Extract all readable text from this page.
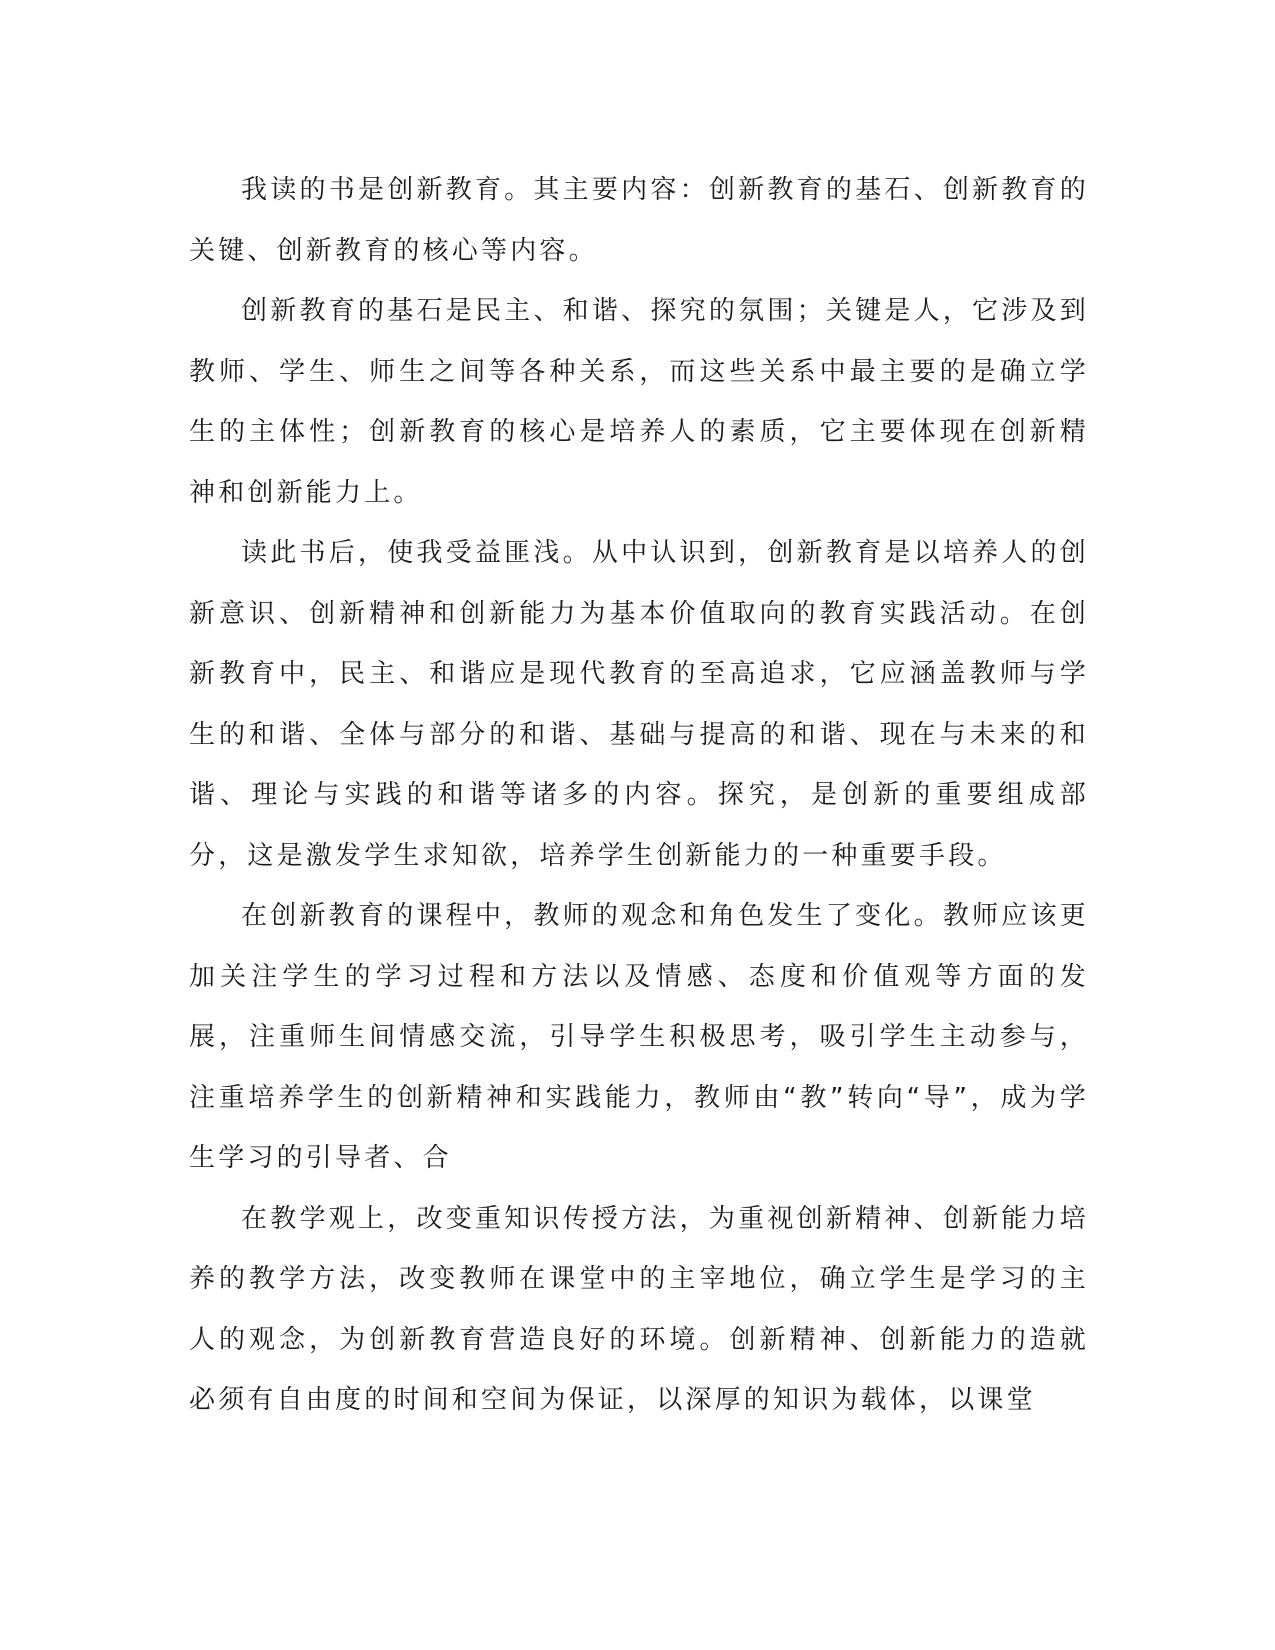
我读的书是创新教育。其主要内容：创新教育的基石、创新教育的关键、创新教育的核心等内容。

创新教育的基石是民主、和谐、探究的氛围；关键是人，它涉及到教师、学生、师生之间等各种关系，而这些关系中最主要的是确立学生的主体性；创新教育的核心是培养人的素质，它主要体现在创新精神和创新能力上。

读此书后，使我受益匪浅。从中认识到，创新教育是以培养人的创新意识、创新精神和创新能力为基本价值取向的教育实践活动。在创新教育中，民主、和谐应是现代教育的至高追求，它应涵盖教师与学生的和谐、全体与部分的和谐、基础与提高的和谐、现在与未来的和谐、理论与实践的和谐等诸多的内容。探究，是创新的重要组成部分，这是激发学生求知欲，培养学生创新能力的一种重要手段。

在创新教育的课程中，教师的观念和角色发生了变化。教师应该更加关注学生的学习过程和方法以及情感、态度和价值观等方面的发展，注重师生间情感交流，引导学生积极思考，吸引学生主动参与，注重培养学生的创新精神和实践能力，教师由“教”转向“导”，成为学生学习的引导者、合

在教学观上，改变重知识传授方法，为重视创新精神、创新能力培养的教学方法，改变教师在课堂中的主宰地位，确立学生是学习的主人的观念，为创新教育营造良好的环境。创新精神、创新能力的造就必须有自由度的时间和空间为保证，以深厚的知识为载体，以课堂
